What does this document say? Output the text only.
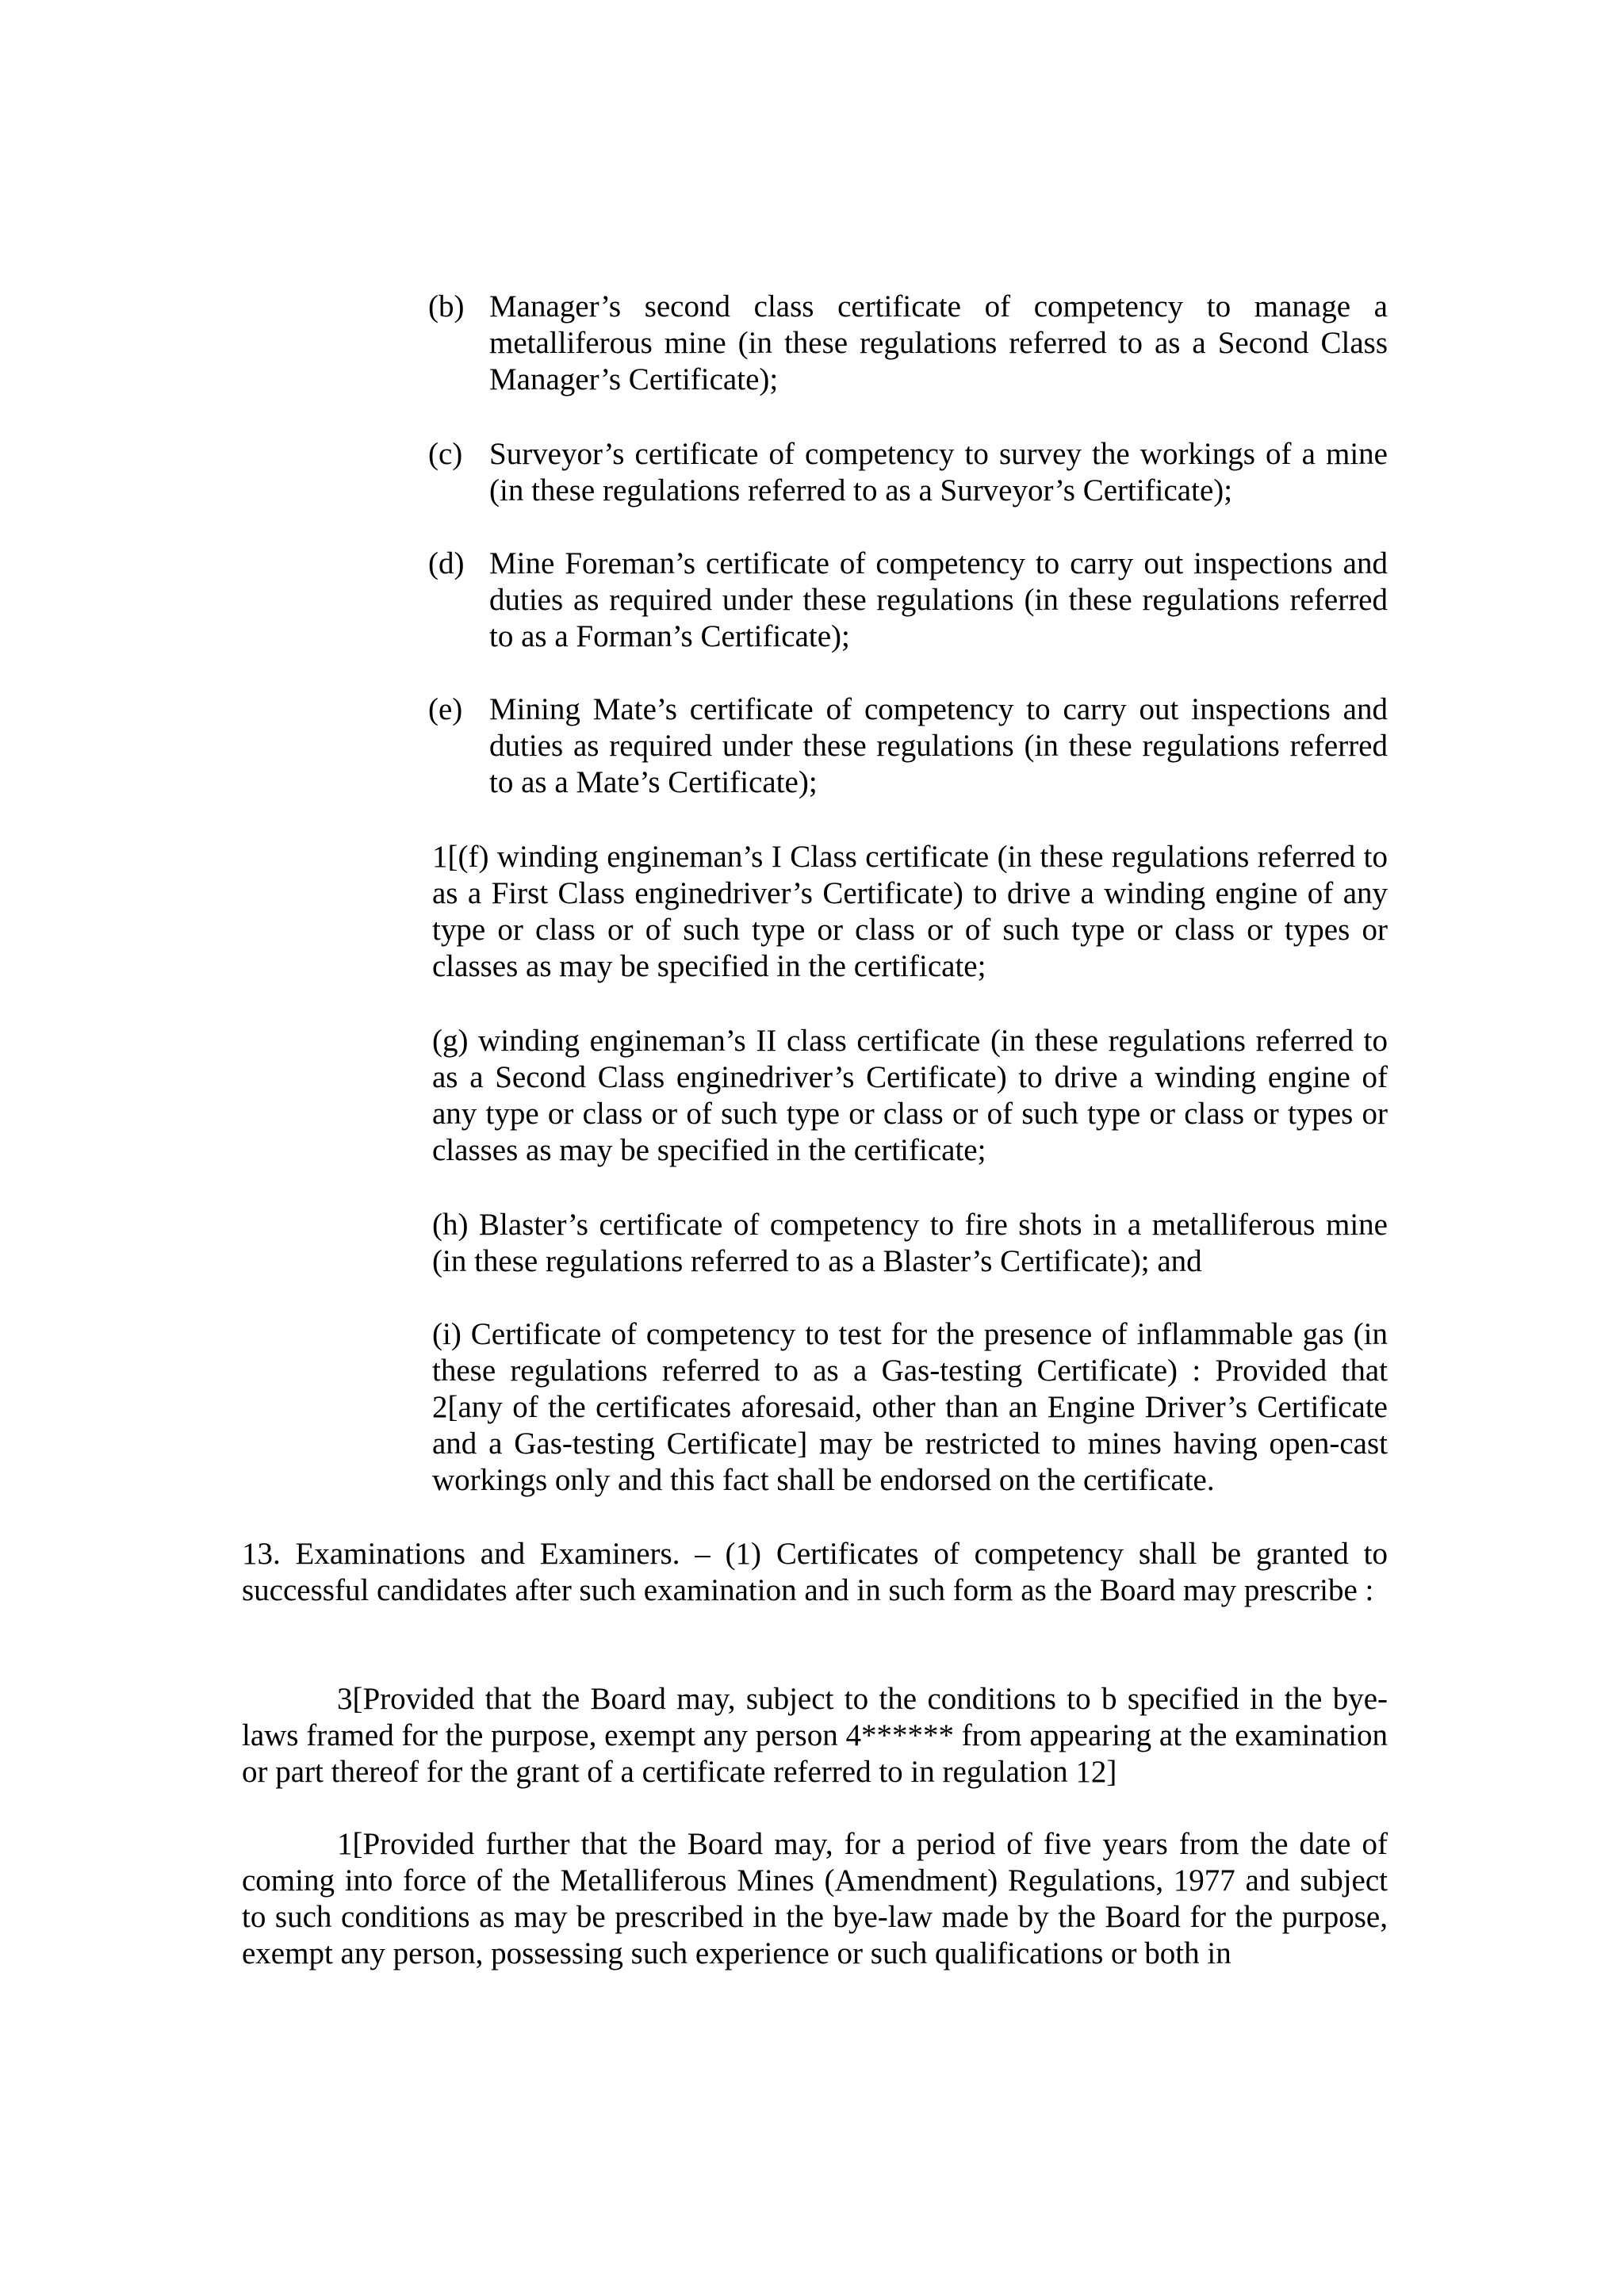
(b) Manager’s second class certificate of competency to manage a metalliferous mine (in these regulations referred to as a Second Class Manager’s Certificate);
(c) Surveyor’s certificate of competency to survey the workings of a mine (in these regulations referred to as a Surveyor’s Certificate);
(d) Mine Foreman’s certificate of competency to carry out inspections and duties as required under these regulations (in these regulations referred to as a Forman’s Certificate);
(e) Mining Mate’s certificate of competency to carry out inspections and duties as required under these regulations (in these regulations referred to as a Mate’s Certificate);
1[(f) winding engineman’s I Class certificate (in these regulations referred to as a First Class enginedriver’s Certificate) to drive a winding engine of any type or class or of such type or class or of such type or class or types or classes as may be specified in the certificate;
(g) winding engineman’s II class certificate (in these regulations referred to as a Second Class enginedriver’s Certificate) to drive a winding engine of any type or class or of such type or class or of such type or class or types or classes as may be specified in the certificate;
(h) Blaster’s certificate of competency to fire shots in a metalliferous mine (in these regulations referred to as a Blaster’s Certificate); and
(i) Certificate of competency to test for the presence of inflammable gas (in these regulations referred to as a Gas-testing Certificate) : Provided that 2[any of the certificates aforesaid, other than an Engine Driver’s Certificate and a Gas-testing Certificate] may be restricted to mines having open-cast workings only and this fact shall be endorsed on the certificate.
13. Examinations and Examiners. – (1) Certificates of competency shall be granted to successful candidates after such examination and in such form as the Board may prescribe :
3[Provided that the Board may, subject to the conditions to b specified in the bye-laws framed for the purpose, exempt any person 4****** from appearing at the examination or part thereof for the grant of a certificate referred to in regulation 12]
1[Provided further that the Board may, for a period of five years from the date of coming into force of the Metalliferous Mines (Amendment) Regulations, 1977 and subject to such conditions as may be prescribed in the bye-law made by the Board for the purpose, exempt any person, possessing such experience or such qualifications or both in
